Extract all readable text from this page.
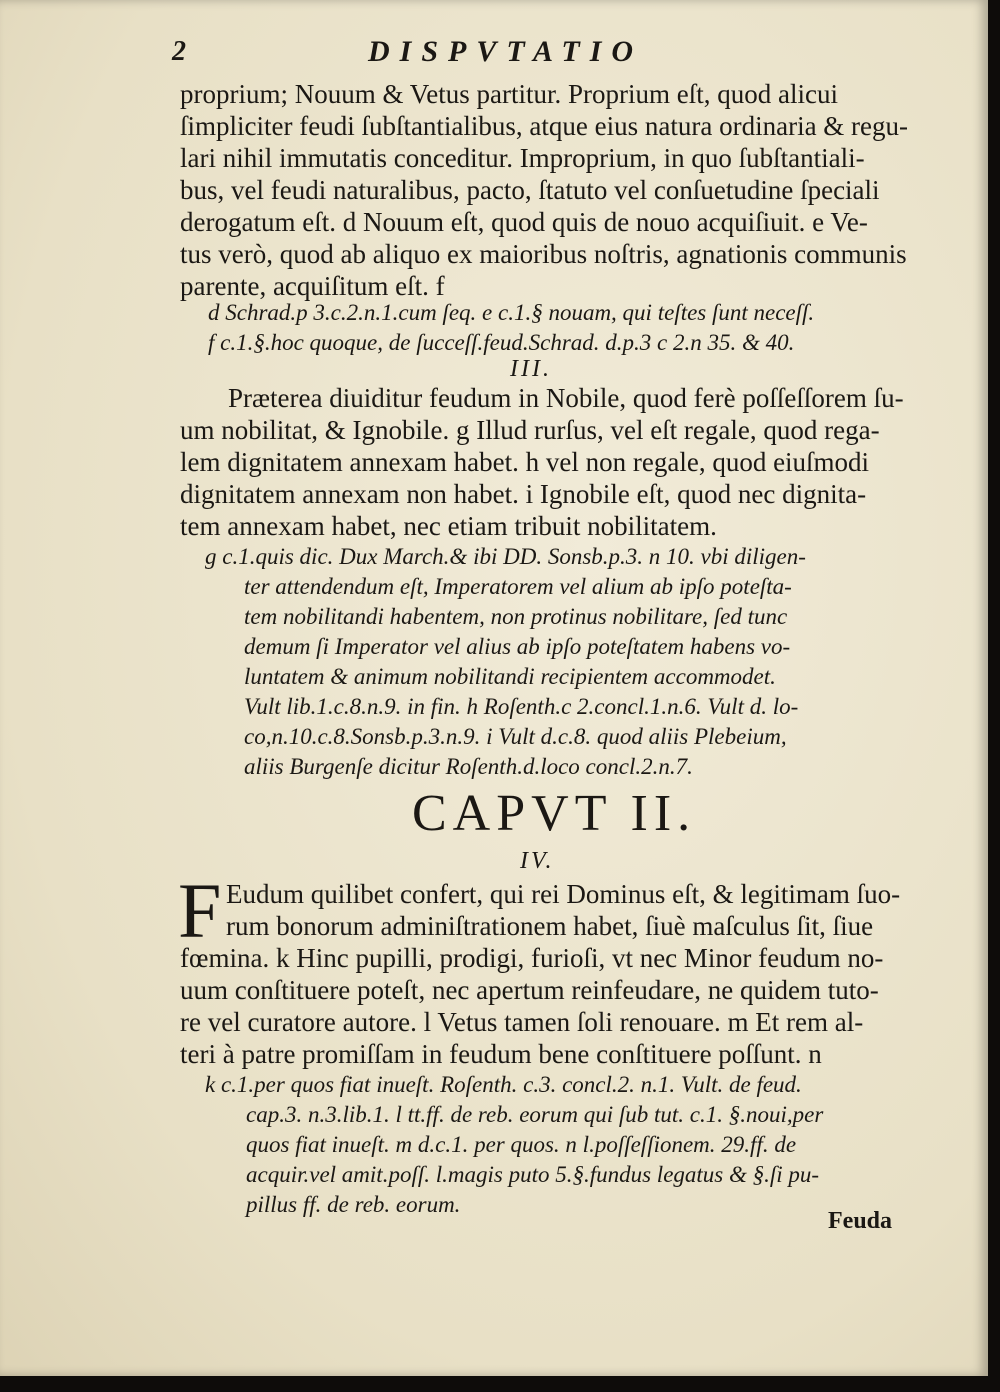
2	DISPVTATIO
proprium; Nouum & Vetus partitur. Proprium eſt, quod alicui
ſimpliciter feudi ſubſtantialibus, atque eius natura ordinaria & regu-
lari nihil immutatis conceditur. Improprium, in quo ſubſtantiali-
bus, vel feudi naturalibus, pacto, ſtatuto vel conſuetudine ſpeciali
derogatum eſt. d Nouum eſt, quod quis de nouo acquiſiuit. e Ve-
tus verò, quod ab aliquo ex maioribus noſtris, agnationis communis
parente, acquiſitum eſt. f
d Schrad.p 3.c.2.n.1.cum ſeq. e c.1.§ nouam, qui teſtes ſunt neceſſ.
f c.1.§.hoc quoque, de ſucceſſ.feud.Schrad. d.p.3 c 2.n 35. & 40.
III.
Præterea diuiditur feudum in Nobile, quod ferè poſſeſſorem ſu-
um nobilitat, & Ignobile. g Illud rurſus, vel eſt regale, quod rega-
lem dignitatem annexam habet. h vel non regale, quod eiuſmodi
dignitatem annexam non habet. i Ignobile eſt, quod nec dignita-
tem annexam habet, nec etiam tribuit nobilitatem.
g c.1.quis dic. Dux March.& ibi DD. Sonsb.p.3. n 10. vbi diligen-
ter attendendum eſt, Imperatorem vel alium ab ipſo poteſta-
tem nobilitandi habentem, non protinus nobilitare, ſed tunc
demum ſi Imperator vel alius ab ipſo poteſtatem habens vo-
luntatem & animum nobilitandi recipientem accommodet.
Vult lib.1.c.8.n.9. in fin. h Roſenth.c 2.concl.1.n.6. Vult d. lo-
co,n.10.c.8.Sonsb.p.3.n.9. i Vult d.c.8. quod aliis Plebeium,
aliis Burgenſe dicitur Roſenth.d.loco concl.2.n.7.
CAPVT II.
IV.
F Eudum quilibet confert, qui rei Dominus eſt, & legitimam ſuo-
rum bonorum adminiſtrationem habet, ſiuè maſculus ſit, ſiue
fœmina. k Hinc pupilli, prodigi, furioſi, vt nec Minor feudum no-
uum conſtituere poteſt, nec apertum reinfeudare, ne quidem tuto-
re vel curatore autore. l Vetus tamen ſoli renouare. m Et rem al-
teri à patre promiſſam in feudum bene conſtituere poſſunt. n
k c.1.per quos fiat inueſt. Roſenth. c.3. concl.2. n.1. Vult. de feud.
cap.3. n.3.lib.1. l tt.ff. de reb. eorum qui ſub tut. c.1. §.noui,per
quos fiat inueſt. m d.c.1. per quos. n l.poſſeſſionem. 29.ff. de
acquir.vel amit.poſſ. l.magis puto 5.§.fundus legatus & §.ſi pu-
pillus ff. de reb. eorum.
Feuda
